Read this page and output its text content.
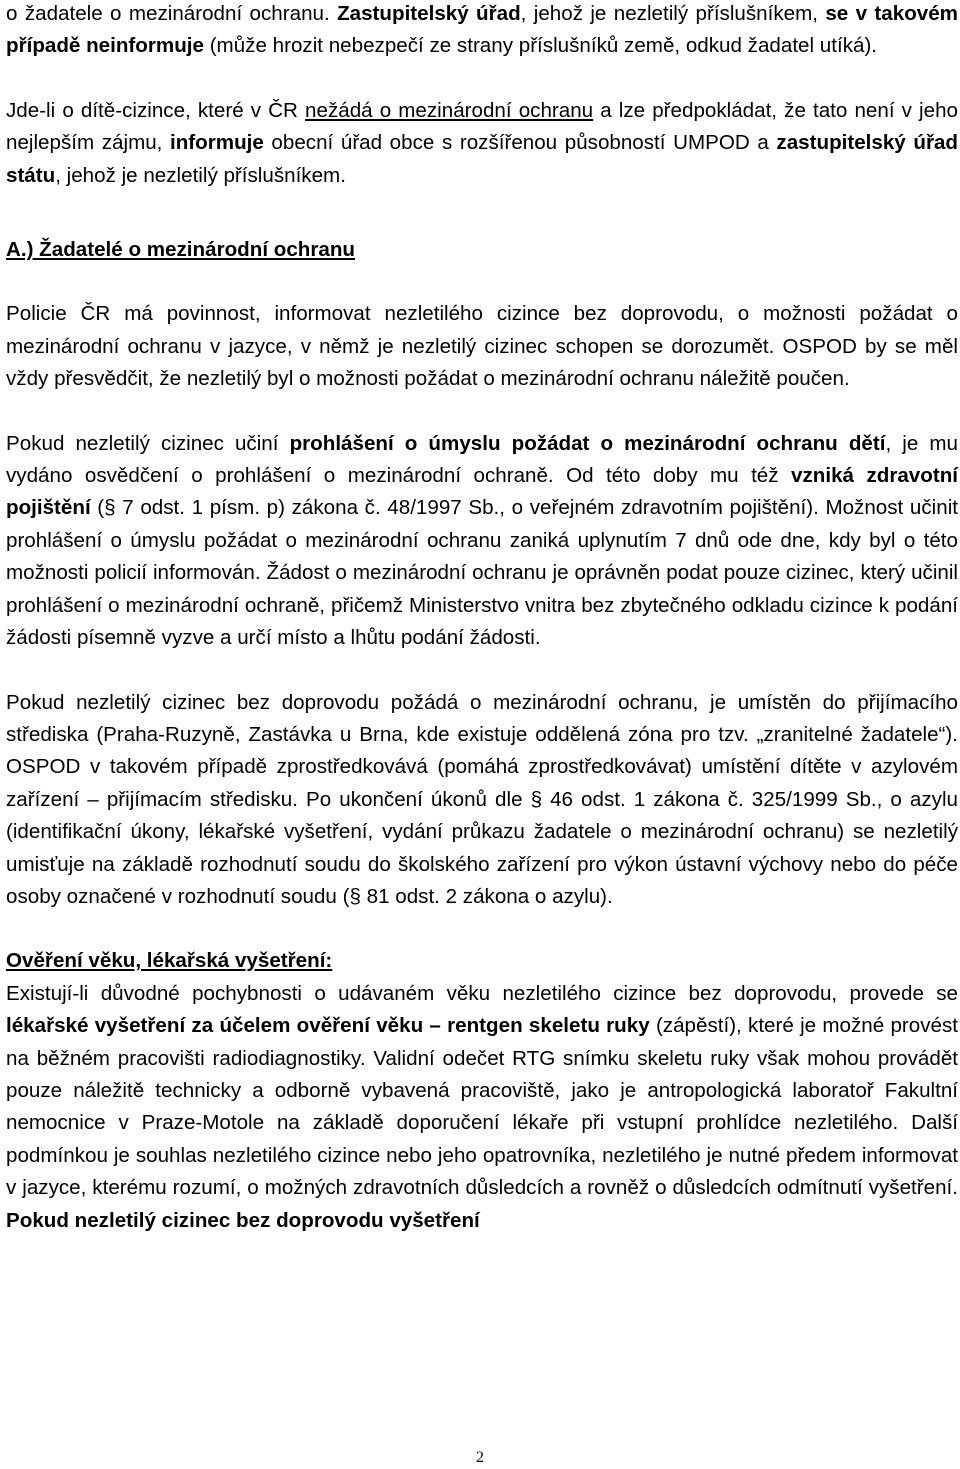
o žadatele o mezinárodní ochranu. Zastupitelský úřad, jehož je nezletilý příslušníkem, se v takovém případě neinformuje (může hrozit nebezpečí ze strany příslušníků země, odkud žadatel utíká).

Jde-li o dítě-cizince, které v ČR nežádá o mezinárodní ochranu a lze předpokládat, že tato není v jeho nejlepším zájmu, informuje obecní úřad obce s rozšířenou působností UMPOD a zastupitelský úřad státu, jehož je nezletilý příslušníkem.

A.) Žadatelé o mezinárodní ochranu

Policie ČR má povinnost, informovat nezletilého cizince bez doprovodu, o možnosti požádat o mezinárodní ochranu v jazyce, v němž je nezletilý cizinec schopen se dorozumět. OSPOD by se měl vždy přesvědčit, že nezletilý byl o možnosti požádat o mezinárodní ochranu náležitě poučen.

Pokud nezletilý cizinec učiní prohlášení o úmyslu požádat o mezinárodní ochranu dětí, je mu vydáno osvědčení o prohlášení o mezinárodní ochraně. Od této doby mu též vzniká zdravotní pojištění (§ 7 odst. 1 písm. p) zákona č. 48/1997 Sb., o veřejném zdravotním pojištění). Možnost učinit prohlášení o úmyslu požádat o mezinárodní ochranu zaniká uplynutím 7 dnů ode dne, kdy byl o této možnosti policií informován. Žádost o mezinárodní ochranu je oprávněn podat pouze cizinec, který učinil prohlášení o mezinárodní ochraně, přičemž Ministerstvo vnitra bez zbytečného odkladu cizince k podání žádosti písemně vyzve a určí místo a lhůtu podání žádosti.

Pokud nezletilý cizinec bez doprovodu požádá o mezinárodní ochranu, je umístěn do přijímacího střediska (Praha-Ruzyně, Zastávka u Brna, kde existuje oddělená zóna pro tzv. „zranitelné žadatele“). OSPOD v takovém případě zprostředkovává (pomáhá zprostředkovávat) umístění dítěte v azylovém zařízení – přijímacím středisku. Po ukončení úkonů dle § 46 odst. 1 zákona č. 325/1999 Sb., o azylu (identifikační úkony, lékařské vyšetření, vydání průkazu žadatele o mezinárodní ochranu) se nezletilý umisťuje na základě rozhodnutí soudu do školského zařízení pro výkon ústavní výchovy nebo do péče osoby označené v rozhodnutí soudu (§ 81 odst. 2 zákona o azylu).

Ověření věku, lékařská vyšetření:

Existují-li důvodné pochybnosti o udávaném věku nezletilého cizince bez doprovodu, provede se lékařské vyšetření za účelem ověření věku – rentgen skeletu ruky (zápěstí), které je možné provést na běžném pracovišti radiodiagnostiky. Validní odečet RTG snímku skeletu ruky však mohou provádět pouze náležitě technicky a odborně vybavená pracoviště, jako je antropologická laboratoř Fakultní nemocnice v Praze-Motole na základě doporučení lékaře při vstupní prohlídce nezletilého. Další podmínkou je souhlas nezletilého cizince nebo jeho opatrovníka, nezletilého je nutné předem informovat v jazyce, kterému rozumí, o možných zdravotních důsledcích a rovněž o důsledcích odmítnutí vyšetření. Pokud nezletilý cizinec bez doprovodu vyšetření

2
